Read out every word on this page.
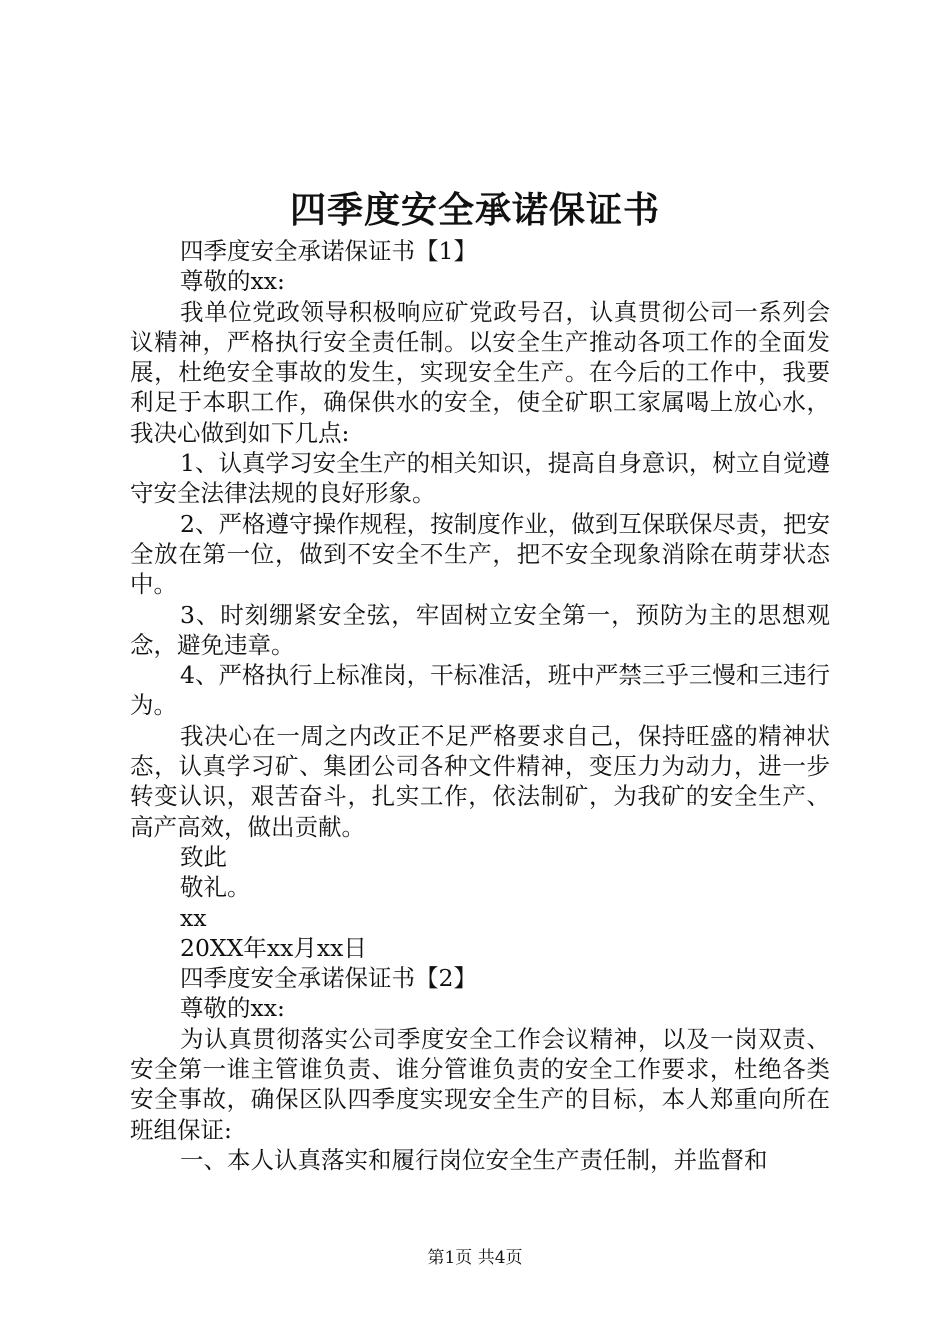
四季度安全承诺保证书
四季度安全承诺保证书【1】
尊敬的xx:
我单位党政领导积极响应矿党政号召，认真贯彻公司一系列会议精神，严格执行安全责任制。以安全生产推动各项工作的全面发展，杜绝安全事故的发生，实现安全生产。在今后的工作中，我要利足于本职工作，确保供水的安全，使全矿职工家属喝上放心水，我决心做到如下几点:
1、认真学习安全生产的相关知识，提高自身意识，树立自觉遵守安全法律法规的良好形象。
2、严格遵守操作规程，按制度作业，做到互保联保尽责，把安全放在第一位，做到不安全不生产，把不安全现象消除在萌芽状态中。
3、时刻绷紧安全弦，牢固树立安全第一，预防为主的思想观念，避免违章。
4、严格执行上标准岗，干标准活，班中严禁三乎三慢和三违行为。
我决心在一周之内改正不足严格要求自己，保持旺盛的精神状态，认真学习矿、集团公司各种文件精神，变压力为动力，进一步转变认识，艰苦奋斗，扎实工作，依法制矿，为我矿的安全生产、高产高效，做出贡献。
致此
敬礼。
xx
20XX年xx月xx日
四季度安全承诺保证书【2】
尊敬的xx:
为认真贯彻落实公司季度安全工作会议精神，以及一岗双责、安全第一谁主管谁负责、谁分管谁负责的安全工作要求，杜绝各类安全事故，确保区队四季度实现安全生产的目标，本人郑重向所在班组保证:
一、本人认真落实和履行岗位安全生产责任制，并监督和
第1页 共4页
